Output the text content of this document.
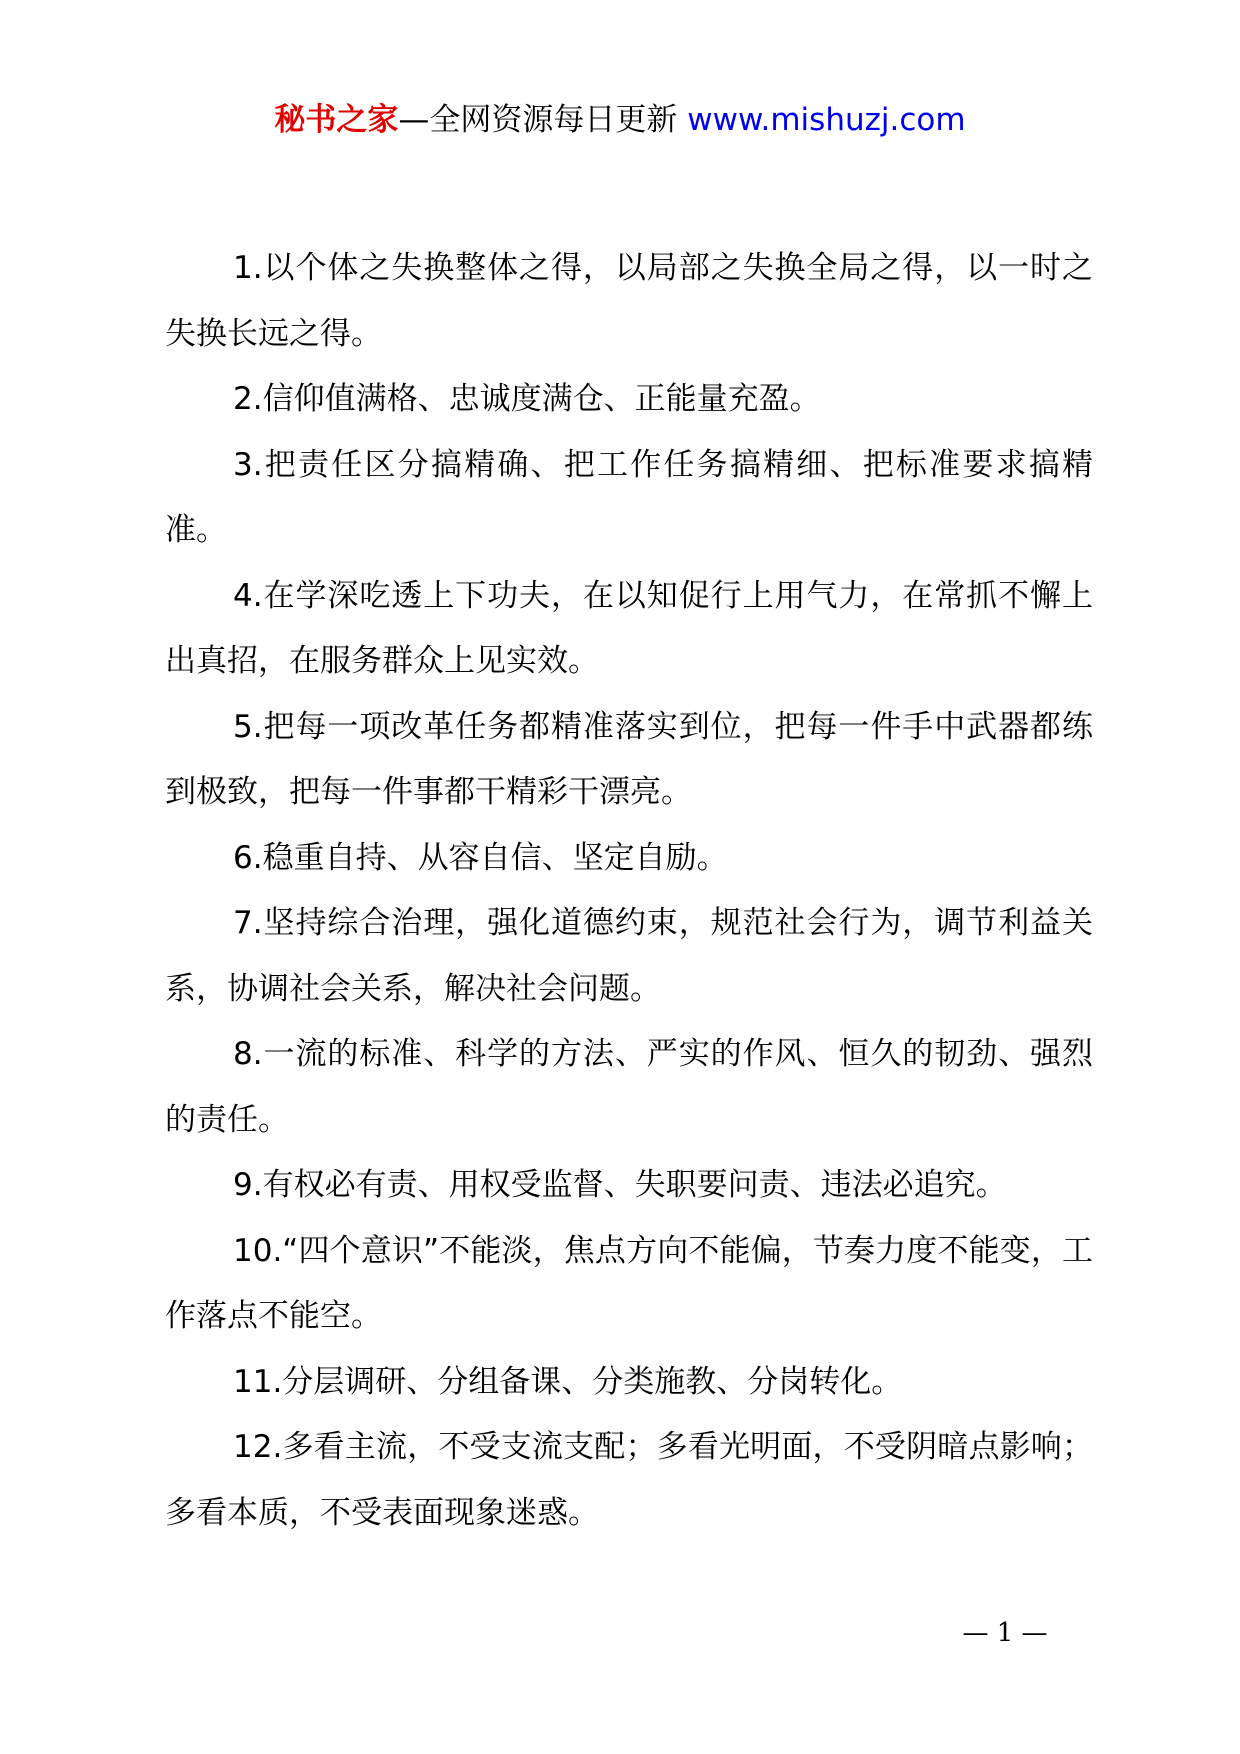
秘书之家—全网资源每日更新 www.mishuzj.com

1.以个体之失换整体之得，以局部之失换全局之得，以一时之失换长远之得。

2.信仰值满格、忠诚度满仓、正能量充盈。

3.把责任区分搞精确、把工作任务搞精细、把标准要求搞精准。

4.在学深吃透上下功夫，在以知促行上用气力，在常抓不懈上出真招，在服务群众上见实效。

5.把每一项改革任务都精准落实到位，把每一件手中武器都练到极致，把每一件事都干精彩干漂亮。

6.稳重自持、从容自信、坚定自励。

7.坚持综合治理，强化道德约束，规范社会行为，调节利益关系，协调社会关系，解决社会问题。

8.一流的标准、科学的方法、严实的作风、恒久的韧劲、强烈的责任。

9.有权必有责、用权受监督、失职要问责、违法必追究。

10.“四个意识”不能淡，焦点方向不能偏，节奏力度不能变，工作落点不能空。

11.分层调研、分组备课、分类施教、分岗转化。

12.多看主流，不受支流支配；多看光明面，不受阴暗点影响；多看本质，不受表面现象迷惑。

— 1 —
